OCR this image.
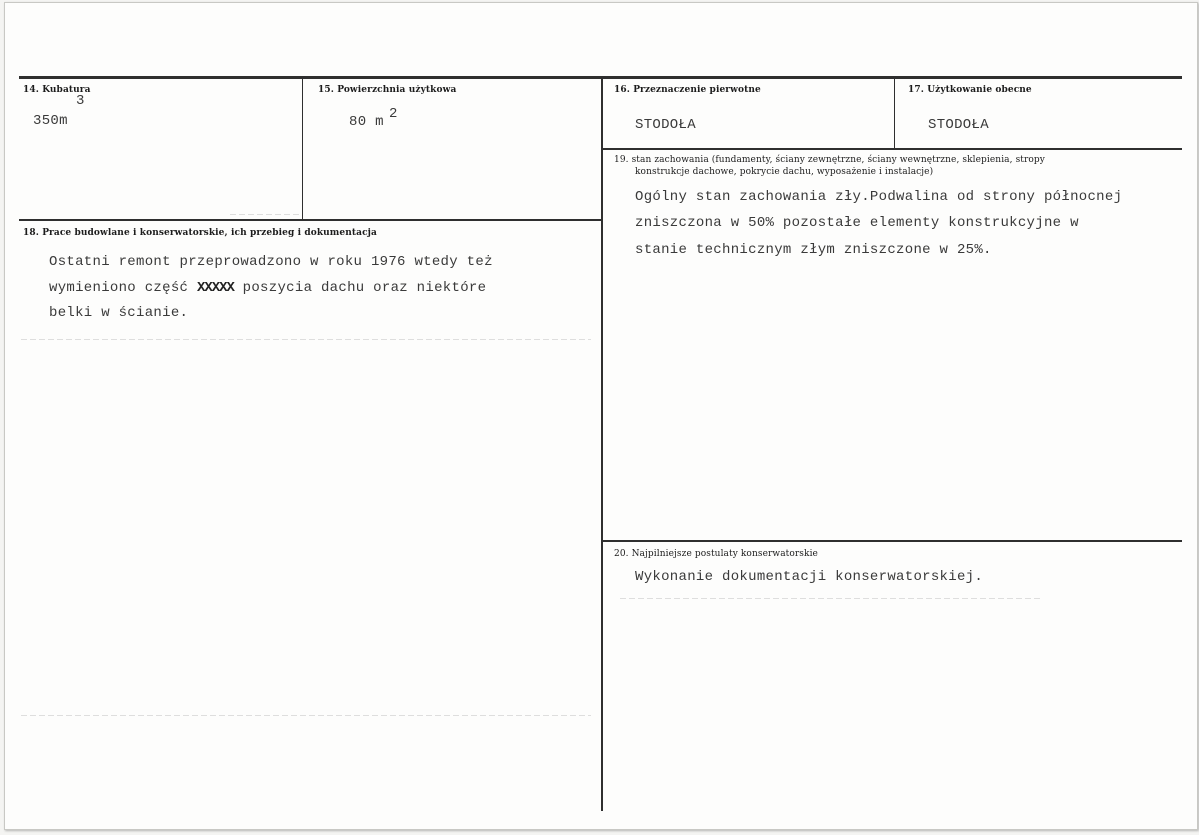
14. Kubatura
3
350m
15. Powierzchnia użytkowa
80 m 2
16. Przeznaczenie pierwotne
STODOŁA
17. Użytkowanie obecne
STODOŁA
18. Prace budowlane i konserwatorskie, ich przebieg i dokumentacja
Ostatni remont przeprowadzono w roku 1976 wtedy też
wymieniono część XXXXX poszycia dachu oraz niektóre
belki w ścianie.
19. stan zachowania (fundamenty, ściany zewnętrzne, ściany wewnętrzne, sklepienia, stropy
konstrukcje dachowe, pokrycie dachu, wyposażenie i instalacje)
Ogólny stan zachowania zły.Podwalina od strony północnej
zniszczona w 50% pozostałe elementy konstrukcyjne w
stanie technicznym złym zniszczone w 25%.
20. Najpilniejsze postulaty konserwatorskie
Wykonanie dokumentacji konserwatorskiej.
